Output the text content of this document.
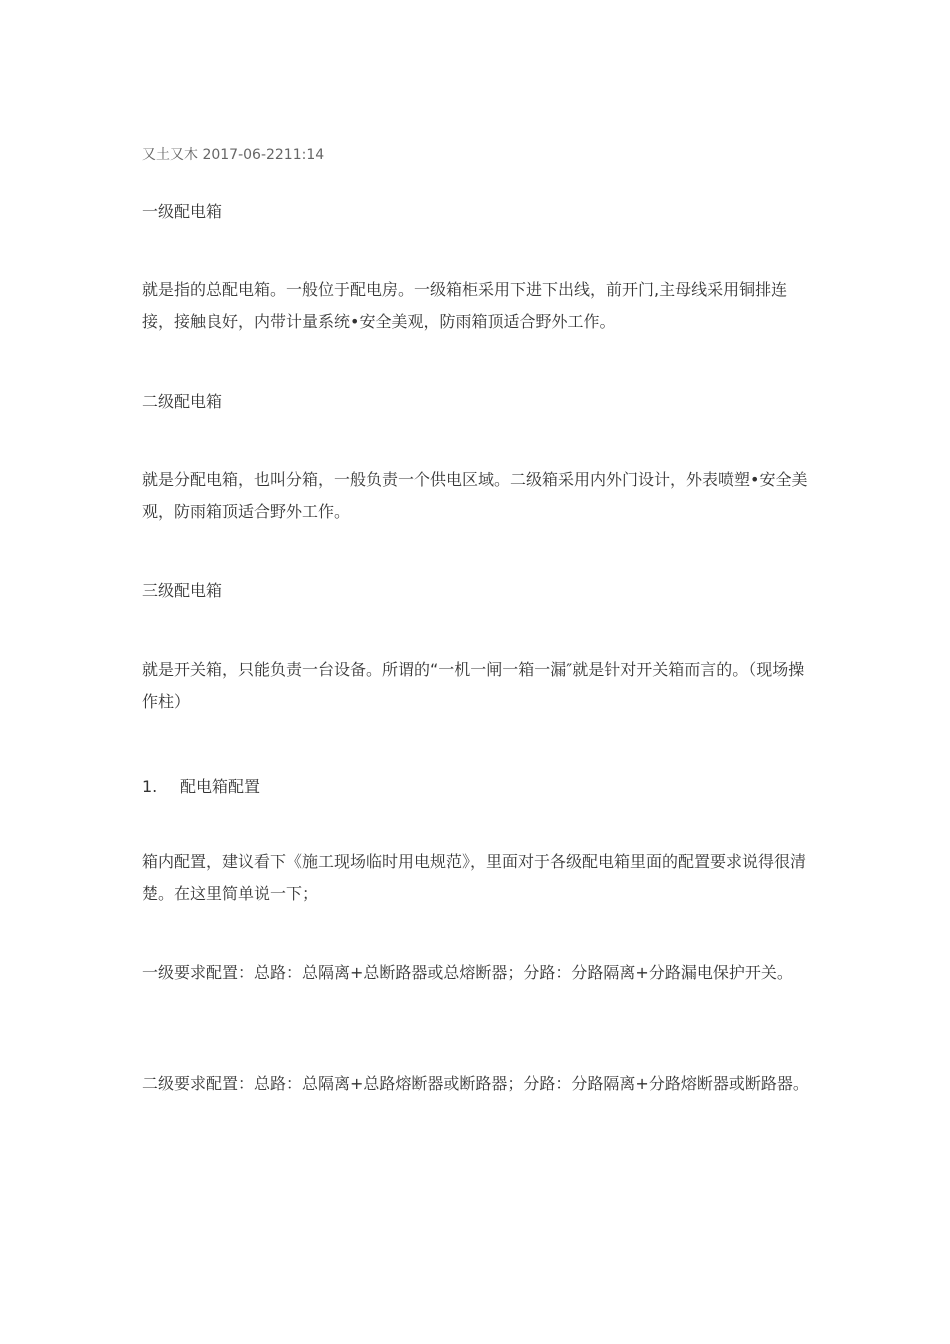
又土又木 2017-06-2211:14
一级配电箱
就是指的总配电箱。一般位于配电房。一级箱柜采用下进下出线，前开门,主母线采用铜排连接，接触良好，内带计量系统•安全美观，防雨箱顶适合野外工作。
二级配电箱
就是分配电箱，也叫分箱，一般负责一个供电区域。二级箱采用内外门设计，外表喷塑•安全美观，防雨箱顶适合野外工作。
三级配电箱
就是开关箱，只能负责一台设备。所谓的“一机一闸一箱一漏″就是针对开关箱而言的。（现场操作柱）
1. 配电箱配置
箱内配置，建议看下《施工现场临时用电规范》，里面对于各级配电箱里面的配置要求说得很清楚。在这里简单说一下；
一级要求配置：总路：总隔离+总断路器或总熔断器；分路：分路隔离+分路漏电保护开关。
二级要求配置：总路：总隔离+总路熔断器或断路器；分路：分路隔离+分路熔断器或断路器。
